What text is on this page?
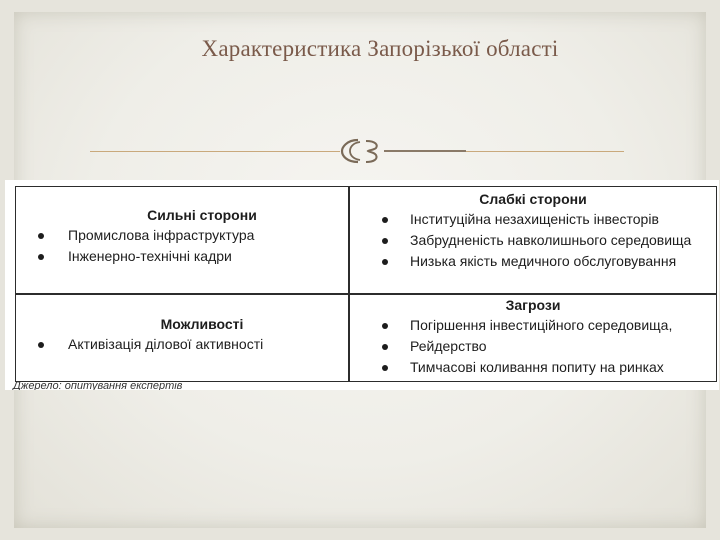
Характеристика Запорізької області
Сильні сторони
Промислова інфраструктура
Інженерно-технічні кадри
Слабкі сторони
Інституційна незахищеність інвесторів
Забрудненість навколишнього середовища
Низька якість медичного обслуговування
Можливості
Активізація ділової активності
Загрози
Погіршення інвестиційного середовища,
Рейдерство
Тимчасові коливання попиту на ринках
Джерело: опитування експертів
